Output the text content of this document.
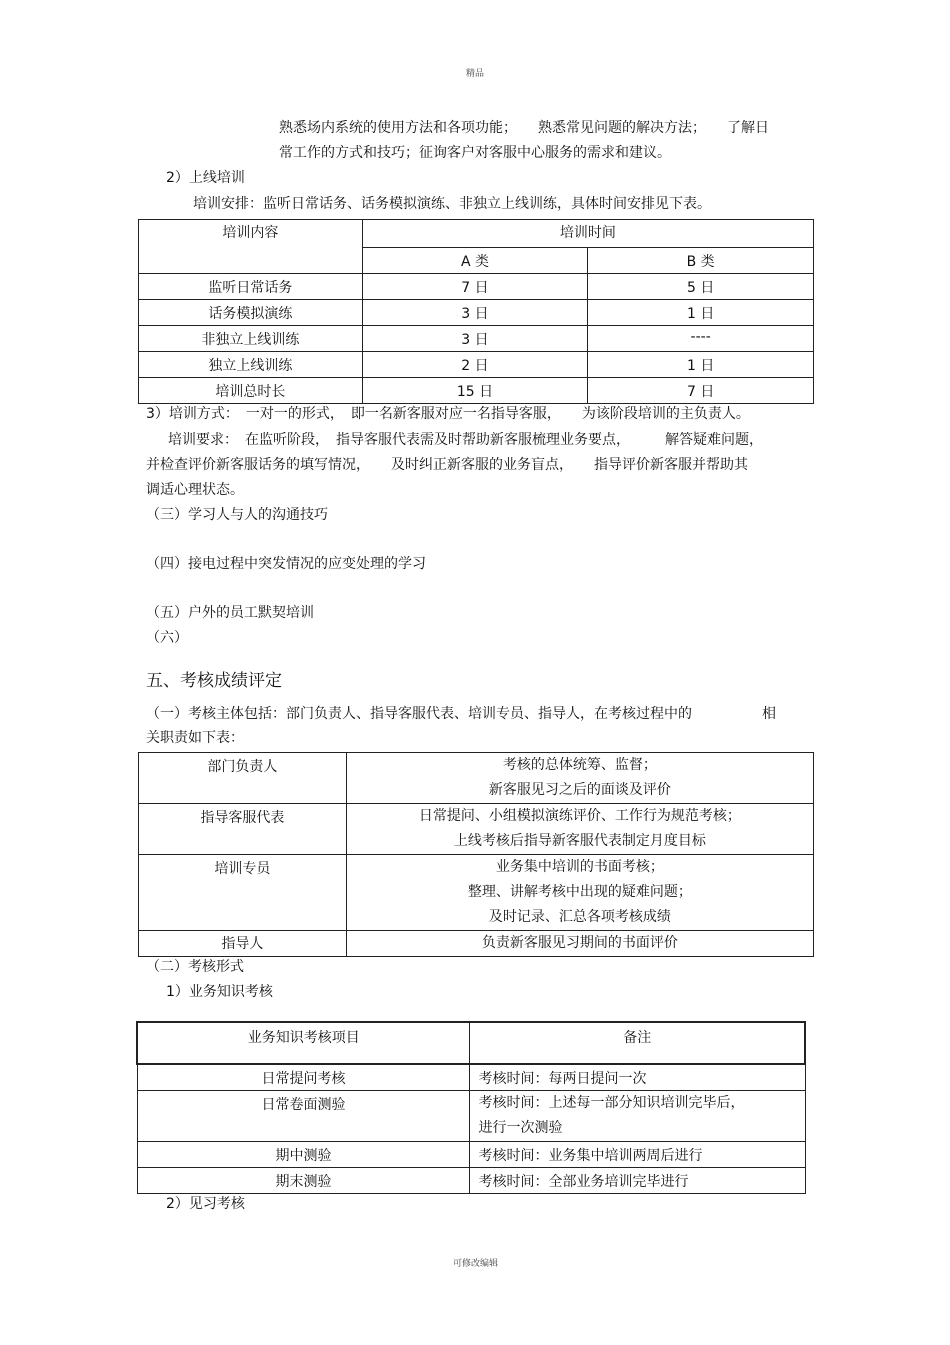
精品
熟悉场内系统的使用方法和各项功能；　　熟悉常见问题的解决方法；　　了解日
常工作的方式和技巧；征询客户对客服中心服务的需求和建议。
2）上线培训
培训安排：监听日常话务、话务模拟演练、非独立上线训练，具体时间安排见下表。
培训内容	培训时间	
	A 类	B 类
监听日常话务	7 日	5 日
话务模拟演练	3 日	1 日
非独立上线训练	3 日	----
独立上线训练	2 日	1 日
培训总时长	15 日	7 日
3）培训方式：　一对一的形式，　即一名新客服对应一名指导客服，　　为该阶段培训的主负责人。
培训要求：　在监听阶段，　指导客服代表需及时帮助新客服梳理业务要点，　　　解答疑难问题，
并检查评价新客服话务的填写情况，　　及时纠正新客服的业务盲点，　　指导评价新客服并帮助其
调适心理状态。
（三）学习人与人的沟通技巧
（四）接电过程中突发情况的应变处理的学习
（五）户外的员工默契培训
（六）
五、考核成绩评定
（一）考核主体包括：部门负责人、指导客服代表、培训专员、指导人，在考核过程中的　　　　　相
关职责如下表：
部门负责人	考核的总体统筹、监督；
新客服见习之后的面谈及评价

指导客服代表	日常提问、小组模拟演练评价、工作行为规范考核；
上线考核后指导新客服代表制定月度目标

培训专员	业务集中培训的书面考核；
整理、讲解考核中出现的疑难问题；
及时记录、汇总各项考核成绩

指导人	负责新客服见习期间的书面评价
（二）考核形式
1）业务知识考核
业务知识考核项目	备注
日常提问考核	考核时间：每两日提问一次
日常卷面测验	考核时间：上述每一部分知识培训完毕后，
进行一次测验

期中测验	考核时间：业务集中培训两周后进行
期末测验	考核时间：全部业务培训完毕进行
2）见习考核
可修改编辑
